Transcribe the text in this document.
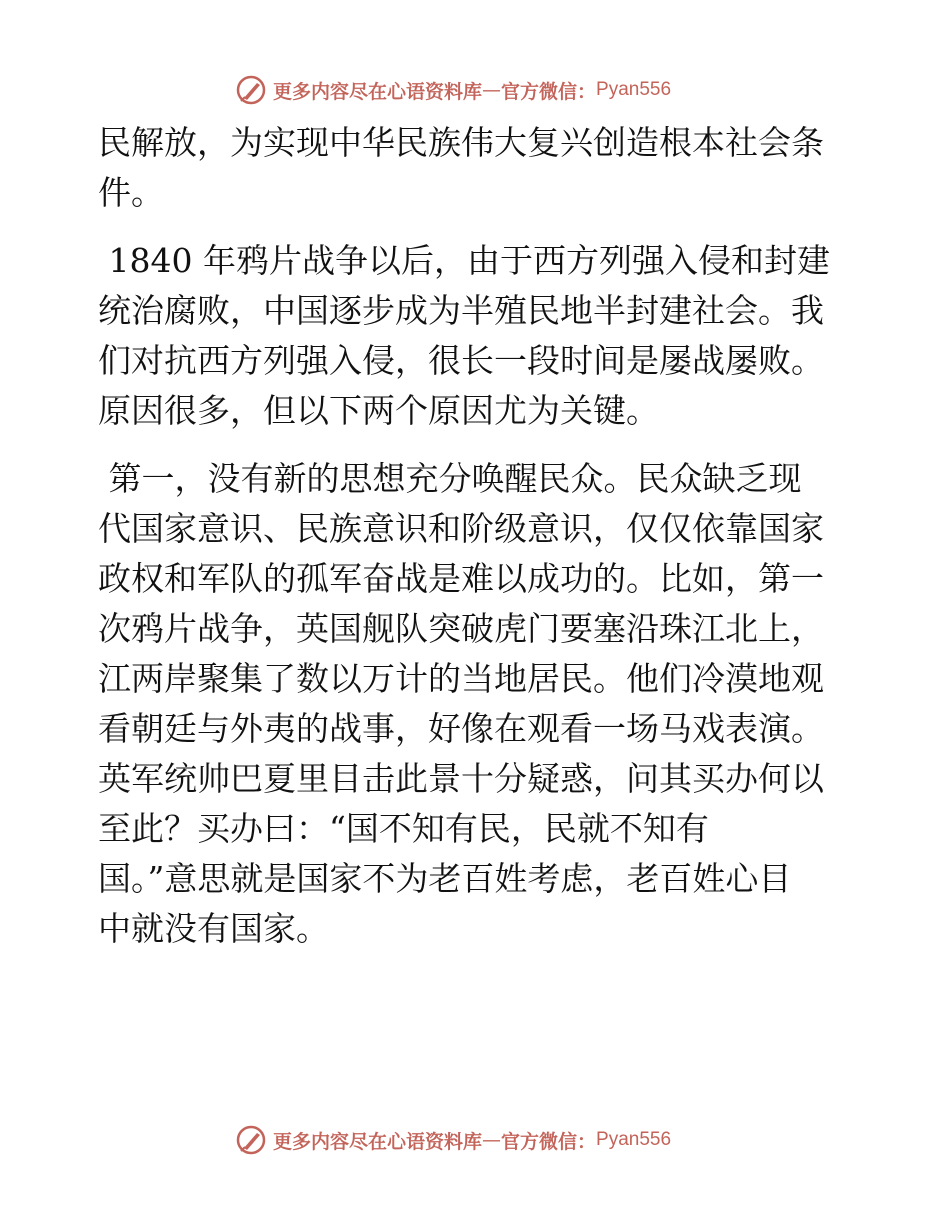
更多内容尽在心语资料库 — 官方微信： Pyan556
民解放，为实现中华民族伟大复兴创造根本社会条
件。
1840 年鸦片战争以后，由于西方列强入侵和封建
统治腐败，中国逐步成为半殖民地半封建社会。我
们对抗西方列强入侵，很长一段时间是屡战屡败。
原因很多，但以下两个原因尤为关键。
第一，没有新的思想充分唤醒民众。民众缺乏现
代国家意识、民族意识和阶级意识，仅仅依靠国家
政权和军队的孤军奋战是难以成功的。比如，第一
次鸦片战争，英国舰队突破虎门要塞沿珠江北上，
江两岸聚集了数以万计的当地居民。他们冷漠地观
看朝廷与外夷的战事，好像在观看一场马戏表演。
英军统帅巴夏里目击此景十分疑惑，问其买办何以
至此？买办曰：“国不知有民，民就不知有
国。”意思就是国家不为老百姓考虑，老百姓心目
中就没有国家。
更多内容尽在心语资料库 — 官方微信： Pyan556
